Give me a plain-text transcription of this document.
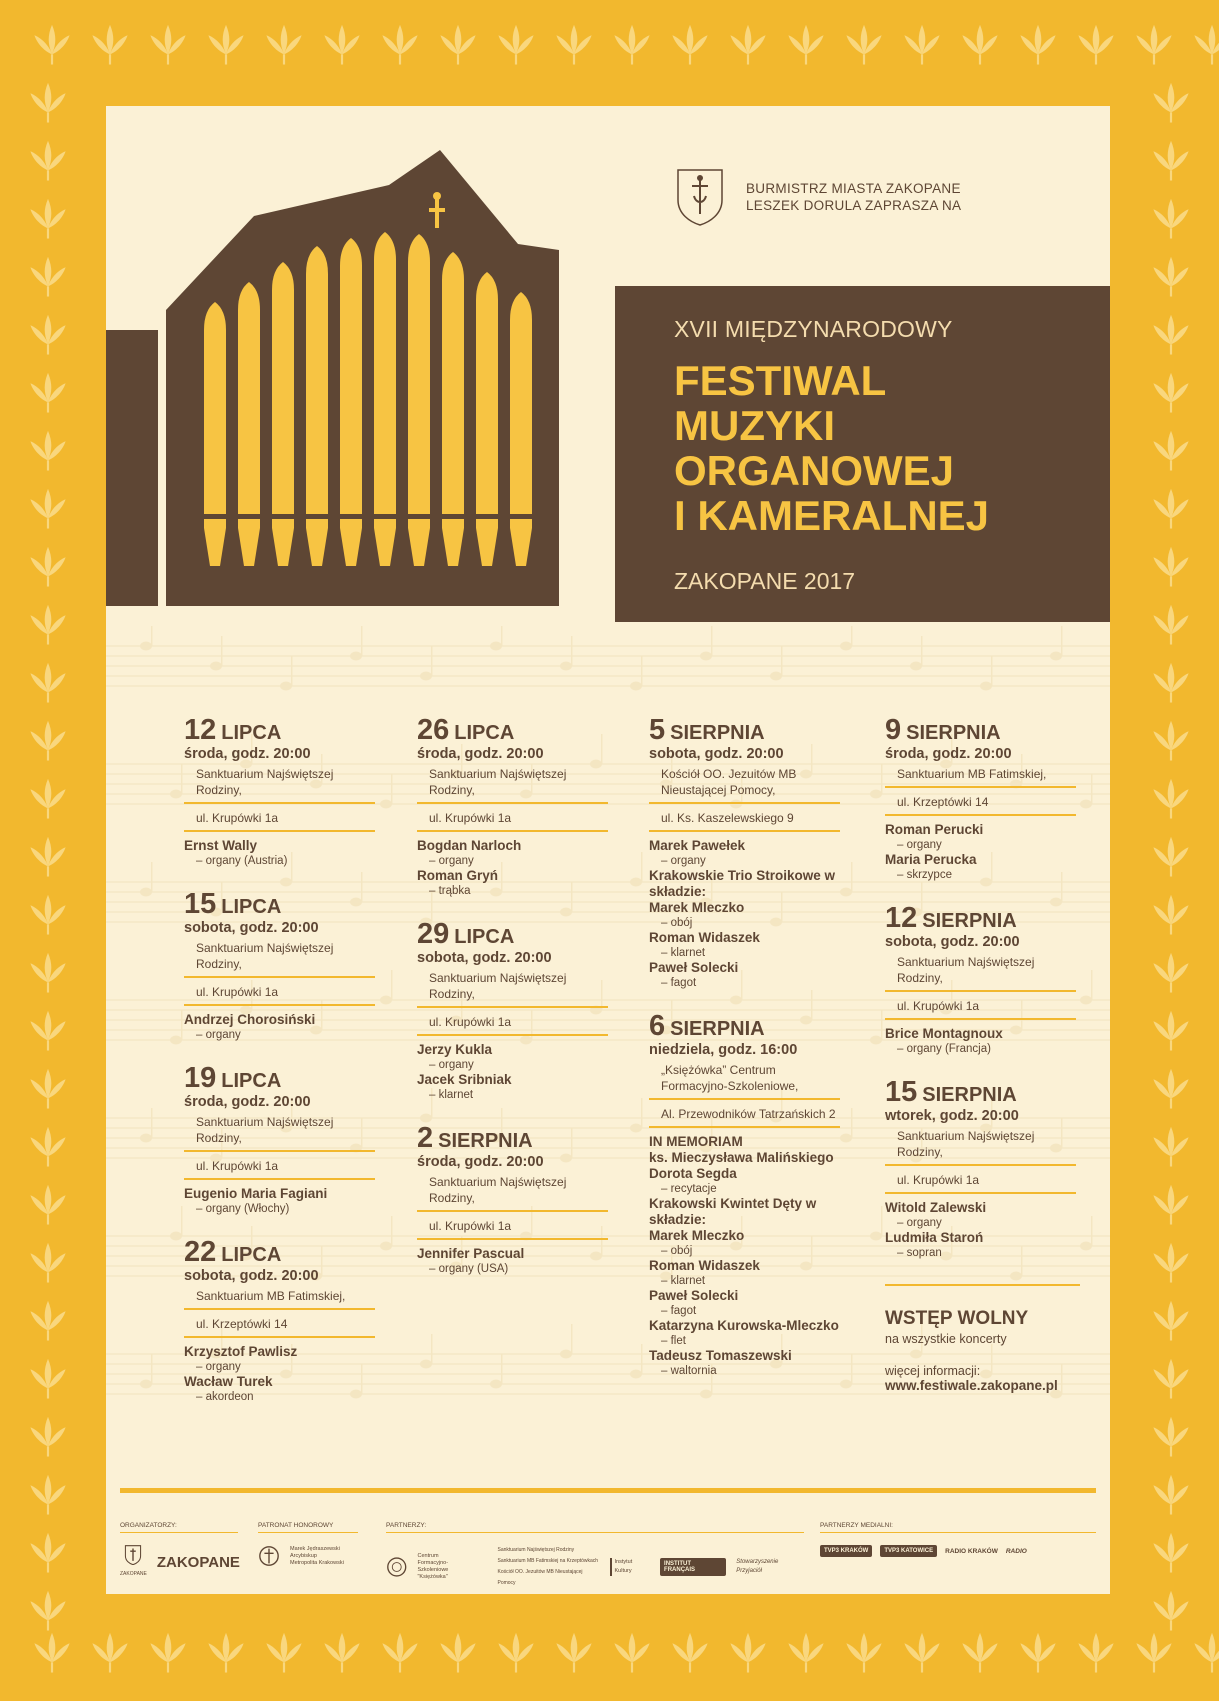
BURMISTRZ MIASTA ZAKOPANE
LESZEK DORULA ZAPRASZA NA
XVII MIĘDZYNARODOWY
FESTIWAL
MUZYKI
ORGANOWEJ
I KAMERALNEJ
ZAKOPANE 2017
12 LIPCA
środa, godz. 20:00
Sanktuarium Najświętszej Rodziny,
ul. Krupówki 1a
Ernst Wally
– organy (Austria)
15 LIPCA
sobota, godz. 20:00
Sanktuarium Najświętszej Rodziny,
ul. Krupówki 1a
Andrzej Chorosiński
– organy
19 LIPCA
środa, godz. 20:00
Sanktuarium Najświętszej Rodziny,
ul. Krupówki 1a
Eugenio Maria Fagiani
– organy (Włochy)
22 LIPCA
sobota, godz. 20:00
Sanktuarium MB Fatimskiej,
ul. Krzeptówki 14
Krzysztof Pawlisz
– organy
Wacław Turek
– akordeon
26 LIPCA
środa, godz. 20:00
Sanktuarium Najświętszej Rodziny,
ul. Krupówki 1a
Bogdan Narloch
– organy
Roman Gryń
– trąbka
29 LIPCA
sobota, godz. 20:00
Sanktuarium Najświętszej Rodziny,
ul. Krupówki 1a
Jerzy Kukla
– organy
Jacek Sribniak
– klarnet
2 SIERPNIA
środa, godz. 20:00
Sanktuarium Najświętszej Rodziny,
ul. Krupówki 1a
Jennifer Pascual
– organy (USA)
5 SIERPNIA
sobota, godz. 20:00
Kościół OO. Jezuitów MB Nieustającej Pomocy,
ul. Ks. Kaszelewskiego 9
Marek Pawełek
– organy
Krakowskie Trio Stroikowe w składzie:
Marek Mleczko
– obój
Roman Widaszek
– klarnet
Paweł Solecki
– fagot
6 SIERPNIA
niedziela, godz. 16:00
„Księżówka” Centrum Formacyjno-Szkoleniowe,
Al. Przewodników Tatrzańskich 2
IN MEMORIAM
ks. Mieczysława Malińskiego
Dorota Segda
– recytacje
Krakowski Kwintet Dęty w składzie:
Marek Mleczko
– obój
Roman Widaszek
– klarnet
Paweł Solecki
– fagot
Katarzyna Kurowska-Mleczko
– flet
Tadeusz Tomaszewski
– waltornia
9 SIERPNIA
środa, godz. 20:00
Sanktuarium MB Fatimskiej,
ul. Krzeptówki 14
Roman Perucki
– organy
Maria Perucka
– skrzypce
12 SIERPNIA
sobota, godz. 20:00
Sanktuarium Najświętszej Rodziny,
ul. Krupówki 1a
Brice Montagnoux
– organy (Francja)
15 SIERPNIA
wtorek, godz. 20:00
Sanktuarium Najświętszej Rodziny,
ul. Krupówki 1a
Witold Zalewski
– organy
Ludmiła Staroń
– sopran
WSTĘP WOLNY
na wszystkie koncerty
więcej informacji:
www.festiwale.zakopane.pl
ORGANIZATORZY:
ZAKOPANE
ZAKOPANE
PATRONAT HONOROWY
Marek Jędraszewski
Arcybiskup
Metropolita Krakowski
PARTNERZY:
Centrum
Formacyjno-Szkoleniowe
"Księżówka"
Sanktuarium Najświętszej Rodziny
Sanktuarium MB Fatimskiej na Krzeptówkach
Kościół OO. Jezuitów MB Nieustającej Pomocy
Instytut Kultury
INSTITUT FRANÇAIS
Stowarzyszenie Przyjaciół
PARTNERZY MEDIALNI:
TVP3 KRAKÓW	TVP3 KATOWICE	RADIO KRAKÓW RADIO
